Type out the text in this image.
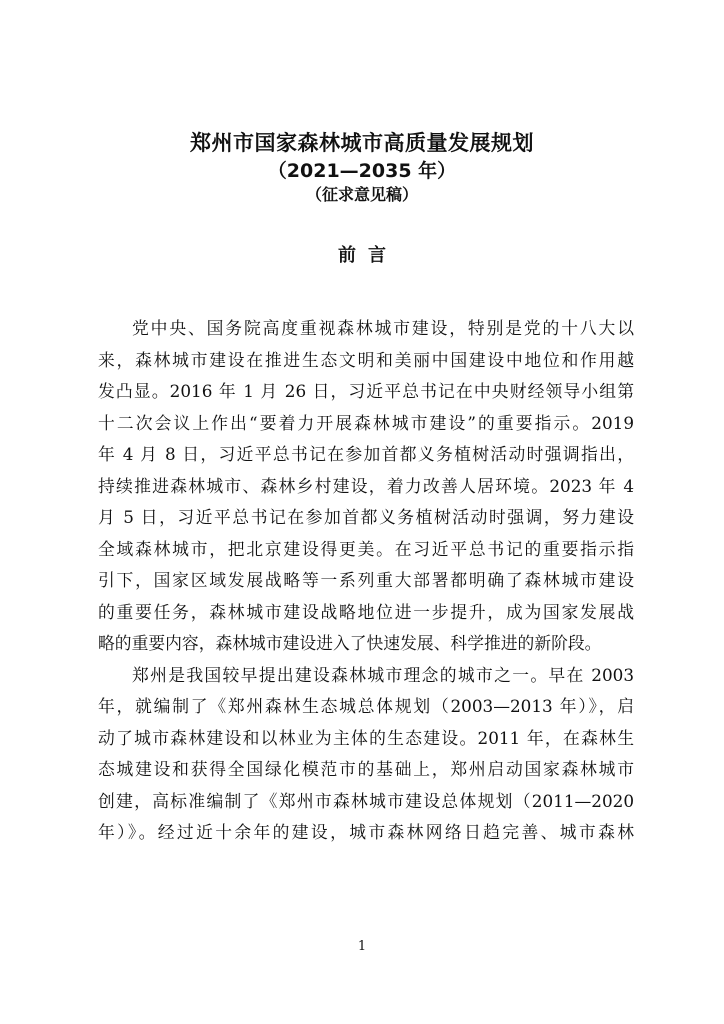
郑州市国家森林城市高质量发展规划
（2021—2035 年）
（征求意见稿）
前言
党中央、国务院高度重视森林城市建设，特别是党的十八大以
来，森林城市建设在推进生态文明和美丽中国建设中地位和作用越
发凸显。2016 年 1 月 26 日，习近平总书记在中央财经领导小组第
十二次会议上作出“要着力开展森林城市建设”的重要指示。2019
年 4 月 8 日，习近平总书记在参加首都义务植树活动时强调指出，
持续推进森林城市、森林乡村建设，着力改善人居环境。2023 年 4
月 5 日，习近平总书记在参加首都义务植树活动时强调，努力建设
全域森林城市，把北京建设得更美。在习近平总书记的重要指示指
引下，国家区域发展战略等一系列重大部署都明确了森林城市建设
的重要任务，森林城市建设战略地位进一步提升，成为国家发展战
略的重要内容，森林城市建设进入了快速发展、科学推进的新阶段。
郑州是我国较早提出建设森林城市理念的城市之一。早在 2003
年，就编制了《郑州森林生态城总体规划（2003—2013 年）》，启
动了城市森林建设和以林业为主体的生态建设。2011 年，在森林生
态城建设和获得全国绿化模范市的基础上，郑州启动国家森林城市
创建，高标准编制了《郑州市森林城市建设总体规划（2011—2020
年）》。经过近十余年的建设，城市森林网络日趋完善、城市森林
1
